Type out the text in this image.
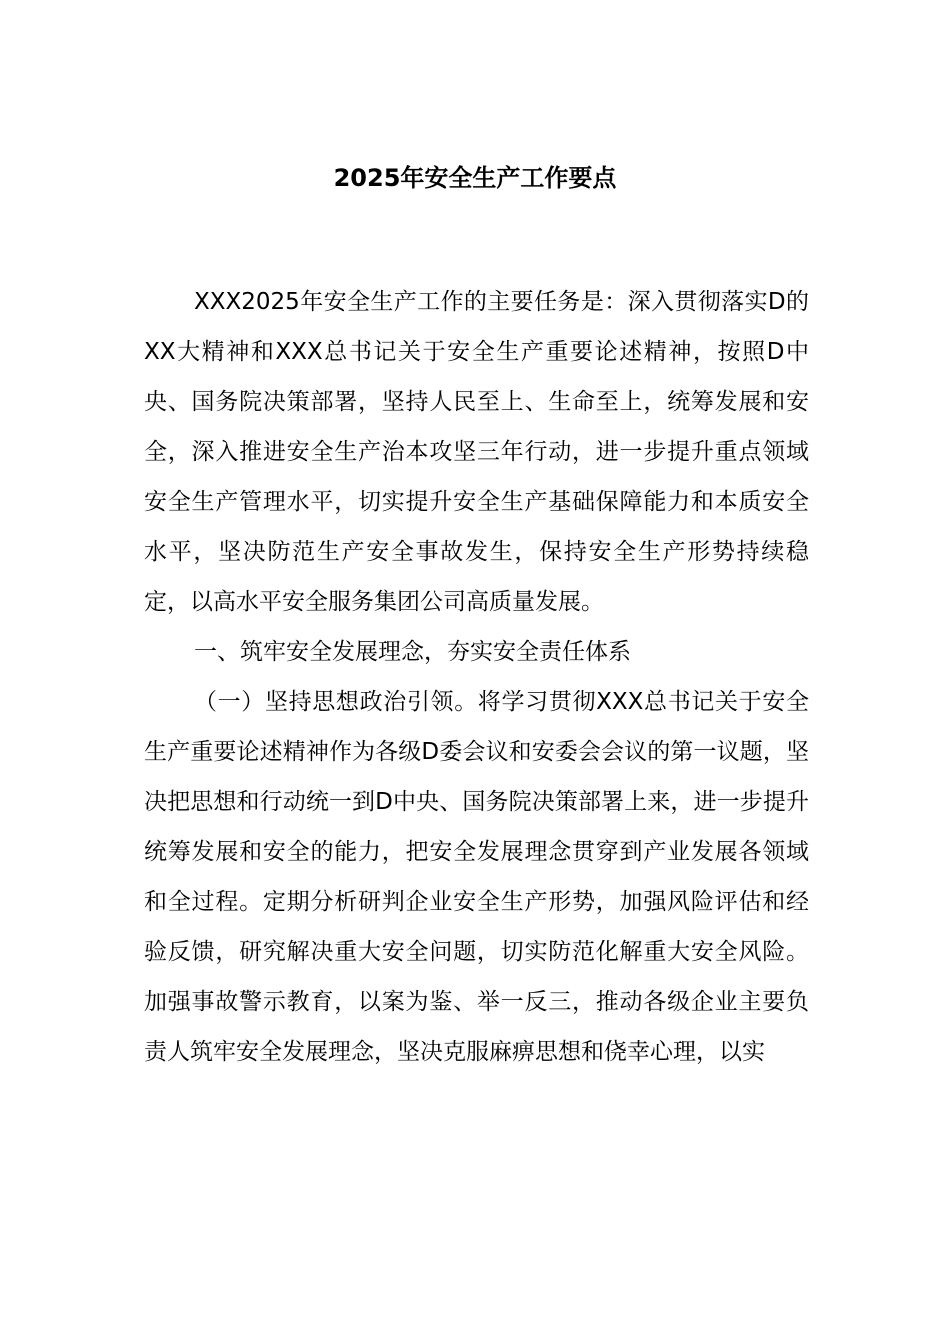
2025年安全生产工作要点

XXX2025年安全生产工作的主要任务是：深入贯彻落实D的XX大精神和XXX总书记关于安全生产重要论述精神，按照D中央、国务院决策部署，坚持人民至上、生命至上，统筹发展和安全，深入推进安全生产治本攻坚三年行动，进一步提升重点领域安全生产管理水平，切实提升安全生产基础保障能力和本质安全水平，坚决防范生产安全事故发生，保持安全生产形势持续稳定，以高水平安全服务集团公司高质量发展。

一、筑牢安全发展理念，夯实安全责任体系

（一）坚持思想政治引领。将学习贯彻XXX总书记关于安全生产重要论述精神作为各级D委会议和安委会会议的第一议题，坚决把思想和行动统一到D中央、国务院决策部署上来，进一步提升统筹发展和安全的能力，把安全发展理念贯穿到产业发展各领域和全过程。定期分析研判企业安全生产形势，加强风险评估和经验反馈，研究解决重大安全问题，切实防范化解重大安全风险。加强事故警示教育，以案为鉴、举一反三，推动各级企业主要负责人筑牢安全发展理念，坚决克服麻痹思想和侥幸心理，以实
